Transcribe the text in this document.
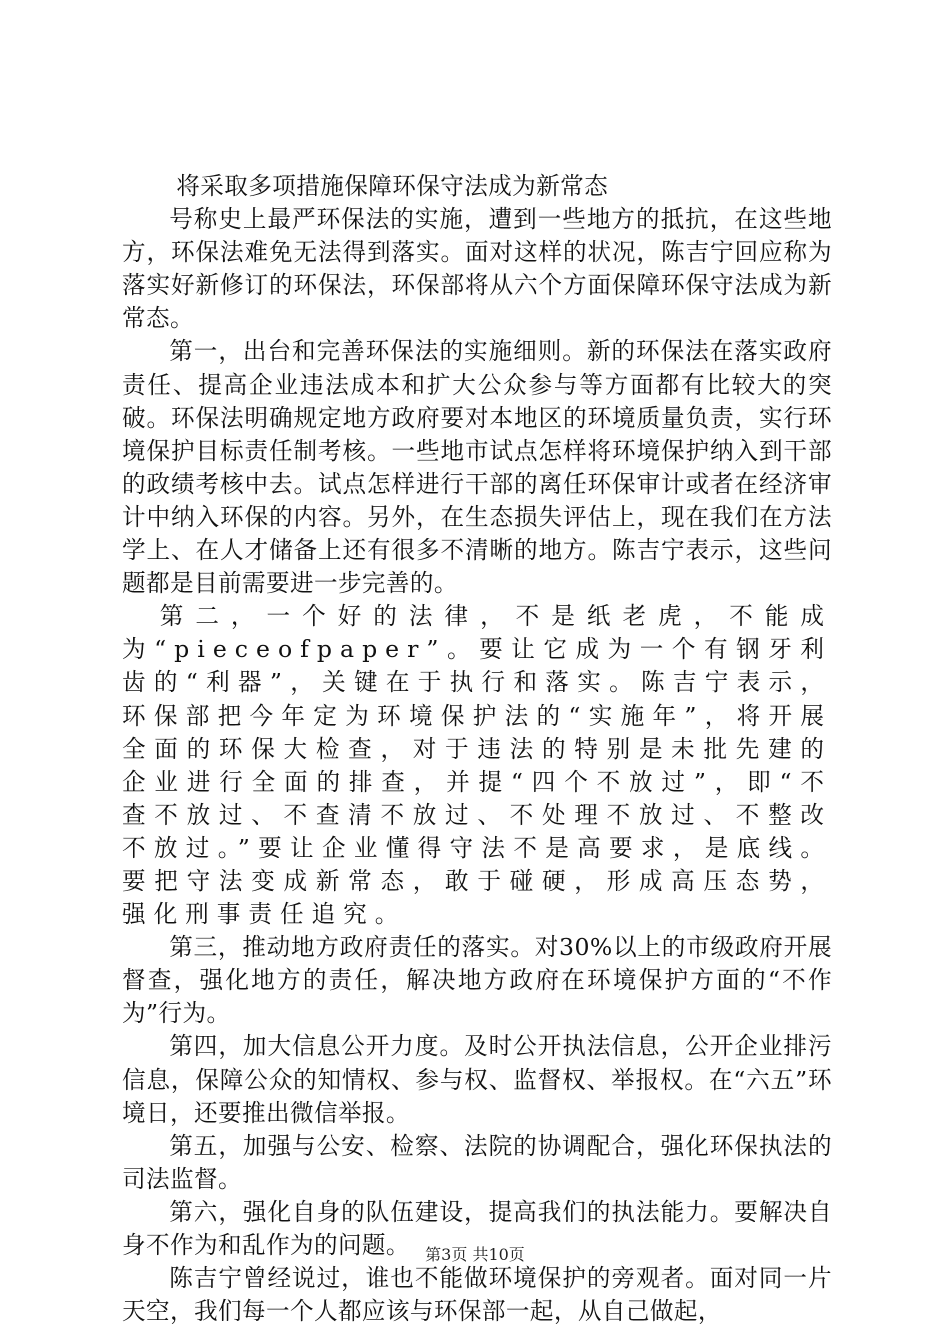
将采取多项措施保障环保守法成为新常态

号称史上最严环保法的实施，遭到一些地方的抵抗，在这些地方，环保法难免无法得到落实。面对这样的状况，陈吉宁回应称为落实好新修订的环保法，环保部将从六个方面保障环保守法成为新常态。

第一，出台和完善环保法的实施细则。新的环保法在落实政府责任、提高企业违法成本和扩大公众参与等方面都有比较大的突破。环保法明确规定地方政府要对本地区的环境质量负责，实行环境保护目标责任制考核。一些地市试点怎样将环境保护纳入到干部的政绩考核中去。试点怎样进行干部的离任环保审计或者在经济审计中纳入环保的内容。另外，在生态损失评估上，现在我们在方法学上、在人才储备上还有很多不清晰的地方。陈吉宁表示，这些问题都是目前需要进一步完善的。

第二，一个好的法律，不是纸老虎，不能成为“pieceofpaper”。要让它成为一个有钢牙利齿的“利器”，关键在于执行和落实。陈吉宁表示，环保部把今年定为环境保护法的“实施年”，将开展全面的环保大检查，对于违法的特别是未批先建的企业进行全面的排查，并提“四个不放过”，即“不查不放过、不查清不放过、不处理不放过、不整改不放过。”要让企业懂得守法不是高要求，是底线。要把守法变成新常态，敢于碰硬，形成高压态势，强化刑事责任追究。

第三，推动地方政府责任的落实。对30%以上的市级政府开展督查，强化地方的责任，解决地方政府在环境保护方面的“不作为”行为。

第四，加大信息公开力度。及时公开执法信息，公开企业排污信息，保障公众的知情权、参与权、监督权、举报权。在“六五”环境日，还要推出微信举报。

第五，加强与公安、检察、法院的协调配合，强化环保执法的司法监督。

第六，强化自身的队伍建设，提高我们的执法能力。要解决自身不作为和乱作为的问题。

陈吉宁曾经说过，谁也不能做环境保护的旁观者。面对同一片天空，我们每一个人都应该与环保部一起，从自己做起，

第3页 共10页
